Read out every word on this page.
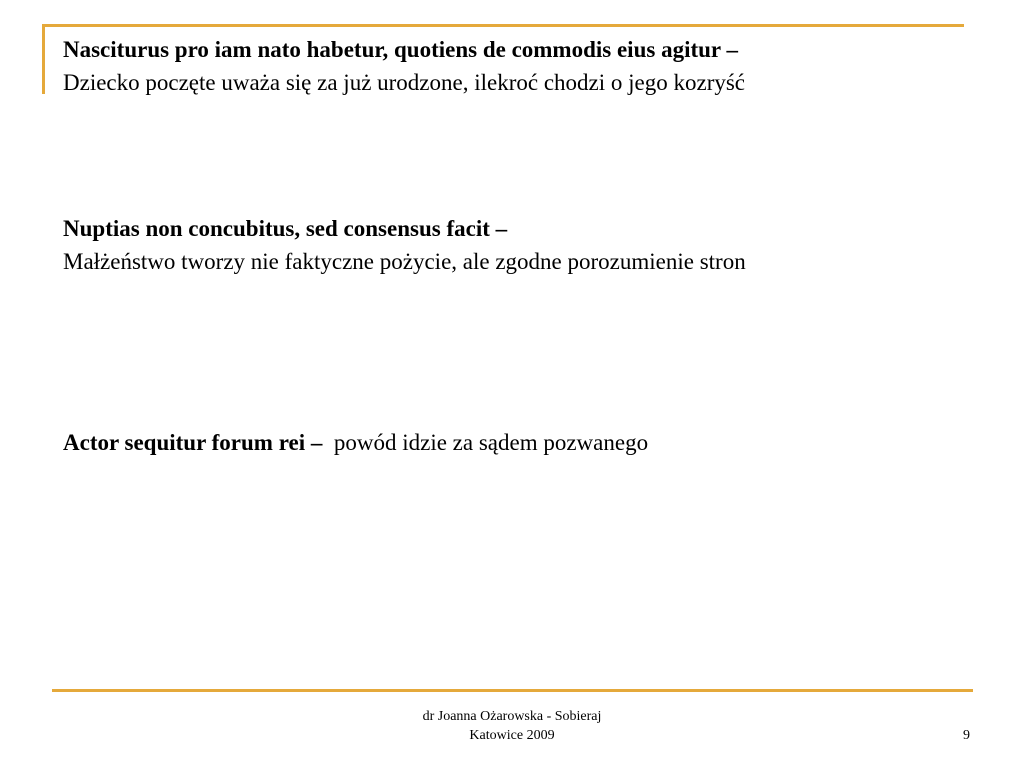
Nasciturus pro iam nato habetur, quotiens de commodis eius agitur –
Dziecko poczęte uważa się za już urodzone, ilekroć chodzi o jego kozryść
Nuptias non concubitus, sed consensus facit –
Małżeństwo tworzy nie faktyczne pożycie, ale zgodne porozumienie stron
Actor sequitur forum rei – powód idzie za sądem pozwanego
dr Joanna Ożarowska - Sobieraj
Katowice 2009	9
